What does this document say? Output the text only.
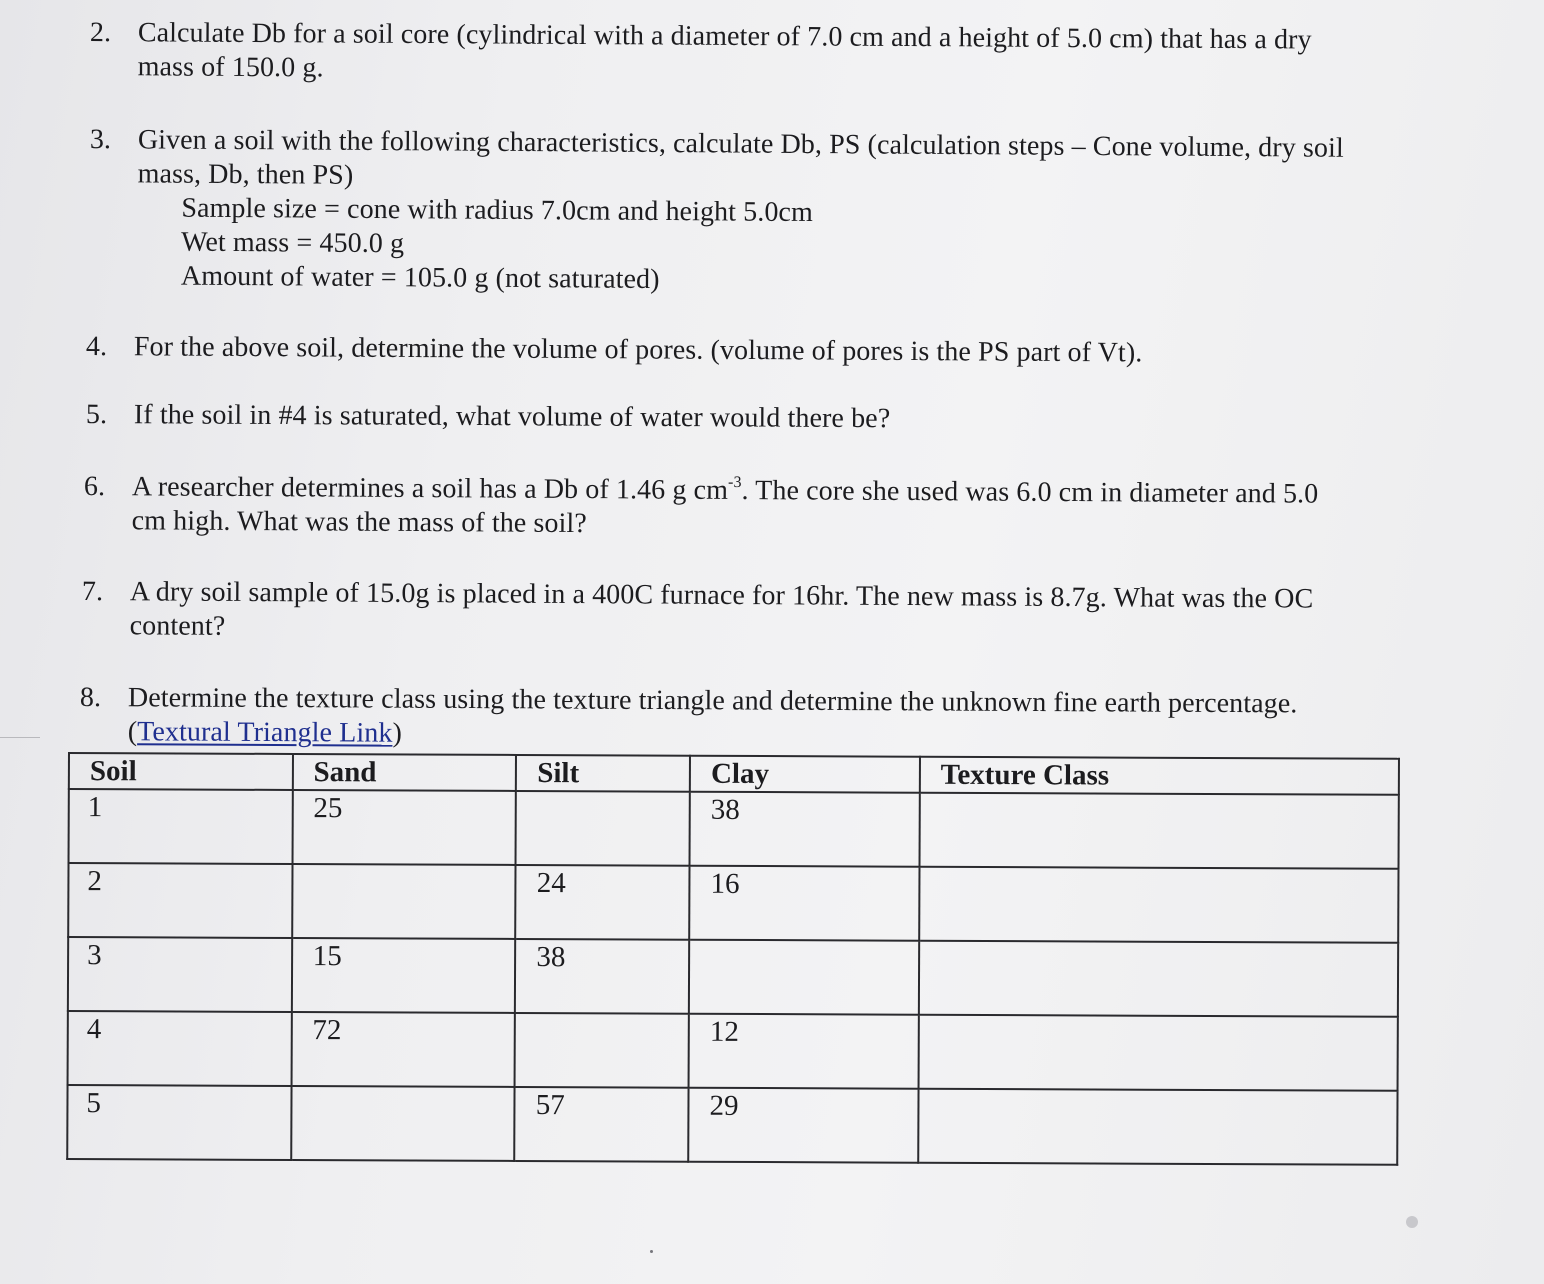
2. Calculate Db for a soil core (cylindrical with a diameter of 7.0 cm and a height of 5.0 cm) that has a dry
mass of 150.0 g.
3. Given a soil with the following characteristics, calculate Db, PS (calculation steps – Cone volume, dry soil
mass, Db, then PS)
Sample size = cone with radius 7.0cm and height 5.0cm
Wet mass = 450.0 g
Amount of water = 105.0 g (not saturated)
4. For the above soil, determine the volume of pores. (volume of pores is the PS part of Vt).
5. If the soil in #4 is saturated, what volume of water would there be?
6. A researcher determines a soil has a Db of 1.46 g $cm^{-3}$. The core she used was 6.0 cm in diameter and 5.0
cm high. What was the mass of the soil?
7. A dry soil sample of 15.0g is placed in a 400C furnace for 16hr. The new mass is 8.7g. What was the OC
content?
8. Determine the texture class using the texture triangle and determine the unknown fine earth percentage.
(Textural Triangle Link)
Soil	Sand	Silt	Clay	Texture Class
1	25		38	
2		24	16	
3	15	38		
4	72		12	
5		57	29	
